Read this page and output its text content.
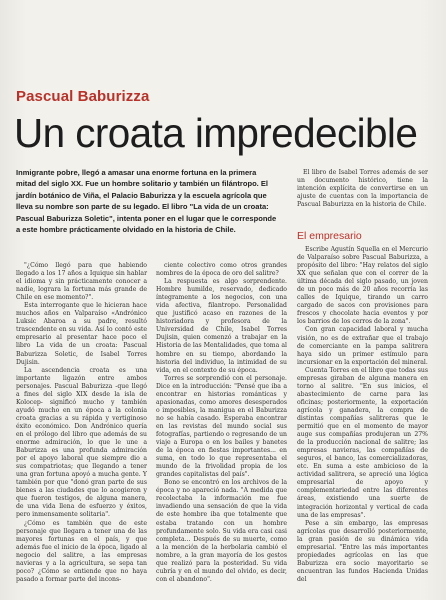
Pascual Baburizza
Un croata impredecible

Inmigrante pobre, llegó a amasar una enorme fortuna en la primera mitad del siglo XX. Fue un hombre solitario y también un filántropo. El jardín botánico de Viña, el Palacio Baburizza y la escuela agrícola que lleva su nombre son parte de su legado. El libro "La vida de un croata: Pascual Baburizza Soletic", intenta poner en el lugar que le corresponde a este hombre prácticamente olvidado en la historia de Chile.

El libro de Isabel Torres además de ser un documento histórico, tiene la intención explícita de convertirse en un ajuste de cuentas con la importancia de Pascual Baburizza en la historia de Chile.

El empresario

"¿Cómo llegó para que habiendo llegado a los 17 años a Iquique sin hablar el idioma y sin prácticamente conocer a nadie, lograra la fortuna más grande de Chile en ese momento?".

Esta interrogante que le hicieran hace muchos años en Valparaíso «Andrónico Luksic Abaroa a su padre, resultó trascendente en su vida. Así lo contó este empresario al presentar hace poco el libro La vida de un croata: Pascual Baburizza Soletic, de Isabel Torres Dujisin.

La ascendencia croata es una importante ligazón entre ambos personajes. Pascual Baburizza -que llegó a fines del siglo XIX desde la isla de Kolocep- significó mucho y también ayudó mucho en un época a la colonia croata gracias a su rápida y vertiginoso éxito económico. Don Andrónico quería en el prólogo del libro que además de su enorme admiración, lo que le une a Baburizza es una profunda admiración por el apoyo laboral que siempre dio a sus compatriotas; que llegando a tener una gran fortuna apoyó a mucha gente. Y también por que "donó gran parte de sus bienes a las ciudades que lo acogieron y que fueron testigos, de alguna manera, de una vida llena de esfuerzo y éxitos, pero inmensamente solitaria".

¿Cómo es también que de este personaje que llegara a tener una de las mayores fortunas en el país, y que además fue el inicio de la época, ligado al negocio del salitre, a las empresas navieras y a la agricultura, se sepa tan poco? ¿Cómo se entiende que no haya pasado a formar parte del incons-

ciente colectivo como otros grandes nombres de la época de oro del salitre?

La respuesta es algo sorprendente. Hombre humilde, reservado, dedicado íntegramente a los negocios, con una vida afectiva, filantropo. Personalidad que justificó acaso en razones de la historiadora y profesora de la Universidad de Chile, Isabel Torres Dujisin, quien comenzó a trabajar en la Historia de las Mentalidades, que toma al hombre en su tiempo, abordando la historia del individuo, la intimidad de su vida, en el contexto de su época.

Torres se sorprendió con el personaje. Dice en la introducción: "Pensé que iba a encontrar en historias románticas y apasionadas, como amores desesperados o imposibles, la manigua en el Baburizza no se había casado. Esperaba encontrar en las revistas del mundo social sus fotografías, partiendo o regresando de un viaje a Europa o en los bailes y banetes de la época en fiestas importantes... en suma, en todo lo que representaba el mundo de la frivolidad propia de los grandes capitalistas del país".

Bono se encontró en los archivos de la época y no apareció nada. "A medida que recolectaba la información me fue invadiendo una sensación de que la vida de este hombre iba que totalmente que estaba tratando con un hombre profundamente solo. Su vida era casi casi completa... Después de su muerte, como a la mención de la herbolaria cambió el nombre, a la gran mayoría de los gestos que realizó para la posteridad. Su vida cubría y en el mundo del olvido, es decir, con el abandono".

Escribe Agustín Squella en el Mercurio de Valparaíso sobre Pascual Baburizza, a propósito del libro: "Hay relatos del siglo XX que señalan que con el correr de la última década del siglo pasado, un joven de un poco más de 20 años recorría las calles de Iquique, tirando un carro cargado de sacos con provisiones para frescos y chocolate hacia eventos y por los barrios de los cerros de la zona".

Con gran capacidad laboral y mucha visión, no es de extrañar que el trabajo de comerciante en la pampa salitrera haya sido un primer estímulo para incursionar en la exportación del mineral.

Cuenta Torres en el libro que todas sus empresas giraban de alguna manera en torno al salitre. "En sus inicios, el abastecimiento de carne para las oficinas; posteriormente, la exportación agrícola y ganadera, la compra de distintas compañías salitreras que le permitió que en el momento de mayor auge sus compañías produjeran un 27% de la producción nacional de salitre; las empresas navieras, las compañías de seguros, el banco, las comercializadoras, etc. En suma a este ambicioso de la actividad salitrera, se apreció una lógica empresarial de apoyo y complementariedad entre las diferentes áreas, existiendo una suerte de integración horizontal y vertical de cada una de las empresas".

Pese a sin embargo, las empresas agrícolas que desarrolló posteriormente, la gran pasión de su dinámica vida empresarial. "Entre las más importantes propiedades agrícolas en las que Baburizza era socio mayoritario se encuentran las fundos Hacienda Unidas del
